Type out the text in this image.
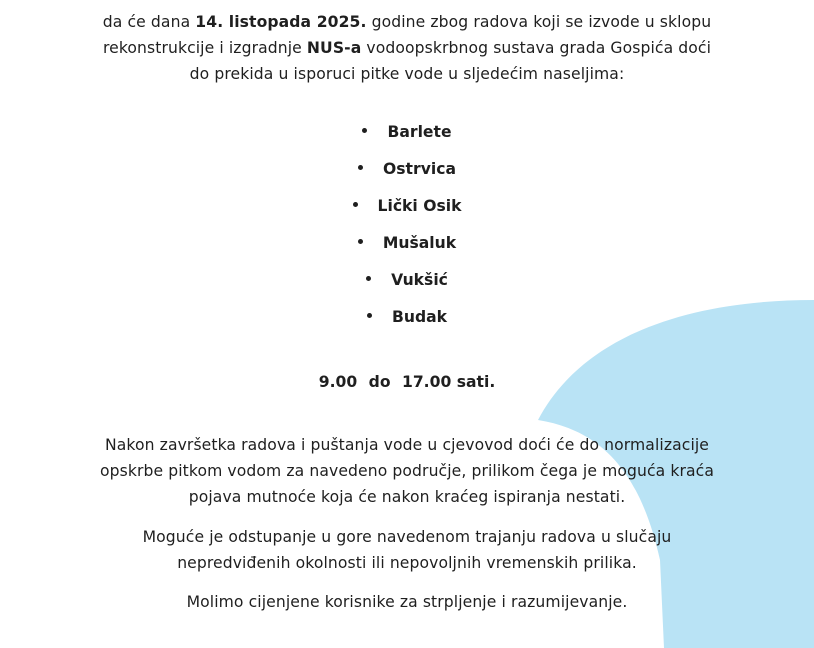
da će dana 14. listopada 2025. godine zbog radova koji se izvode u sklopu

rekonstrukcije i izgradnje NUS-a vodoopskrbnog sustava grada Gospića doći

do prekida u isporuci pitke vode u sljedećim naseljima:

Barlete
Ostrvica
Lički Osik
Mušaluk
Vukšić
Budak
9.00 do 17.00 sati.

Nakon završetka radova i puštanja vode u cjevovod doći će do normalizacije

opskrbe pitkom vodom za navedeno područje, prilikom čega je moguća kraća

pojava mutnoće koja će nakon kraćeg ispiranja nestati.

Moguće je odstupanje u gore navedenom trajanju radova u slučaju

nepredviđenih okolnosti ili nepovoljnih vremenskih prilika.

Molimo cijenjene korisnike za strpljenje i razumijevanje.
